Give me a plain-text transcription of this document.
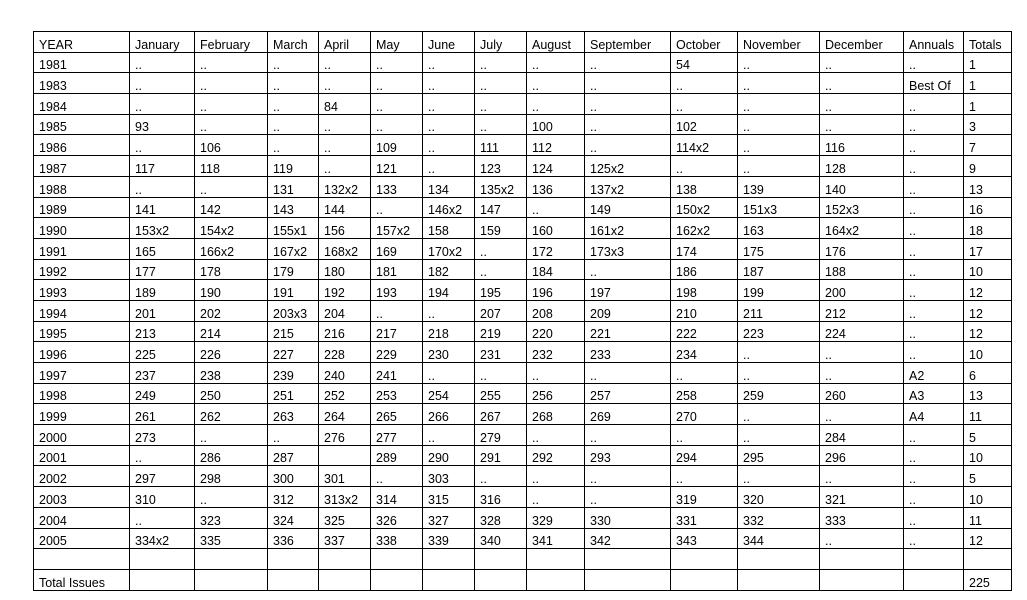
YEAR	January	February	March	April	May	June	July	August	September	October	November	December	Annuals	Totals
1981	..	..	..	..	..	..	..	..	..	54	..	..	..	1
1983	..	..	..	..	..	..	..	..	..	..	..	..	Best Of	1
1984	..	..	..	84	..	..	..	..	..	..	..	..	..	1
1985	93	..	..	..	..	..	..	100	..	102	..	..	..	3
1986	..	106	..	..	109	..	111	112	..	114x2	..	116	..	7
1987	117	118	119	..	121	..	123	124	125x2	..	..	128	..	9
1988	..	..	131	132x2	133	134	135x2	136	137x2	138	139	140	..	13
1989	141	142	143	144	..	146x2	147	..	149	150x2	151x3	152x3	..	16
1990	153x2	154x2	155x1	156	157x2	158	159	160	161x2	162x2	163	164x2	..	18
1991	165	166x2	167x2	168x2	169	170x2	..	172	173x3	174	175	176	..	17
1992	177	178	179	180	181	182	..	184	..	186	187	188	..	10
1993	189	190	191	192	193	194	195	196	197	198	199	200	..	12
1994	201	202	203x3	204	..	..	207	208	209	210	211	212	..	12
1995	213	214	215	216	217	218	219	220	221	222	223	224	..	12
1996	225	226	227	228	229	230	231	232	233	234	..	..	..	10
1997	237	238	239	240	241	..	..	..	..	..	..	..	A2	6
1998	249	250	251	252	253	254	255	256	257	258	259	260	A3	13
1999	261	262	263	264	265	266	267	268	269	270	..	..	A4	11
2000	273	..	..	276	277	..	279	..	..	..	..	284	..	5
2001	..	286	287		289	290	291	292	293	294	295	296	..	10
2002	297	298	300	301	..	303	..	..	..	..	..	..	..	5
2003	310	..	312	313x2	314	315	316	..	..	319	320	321	..	10
2004	..	323	324	325	326	327	328	329	330	331	332	333	..	11
2005	334x2	335	336	337	338	339	340	341	342	343	344	..	..	12

Total Issues														225
